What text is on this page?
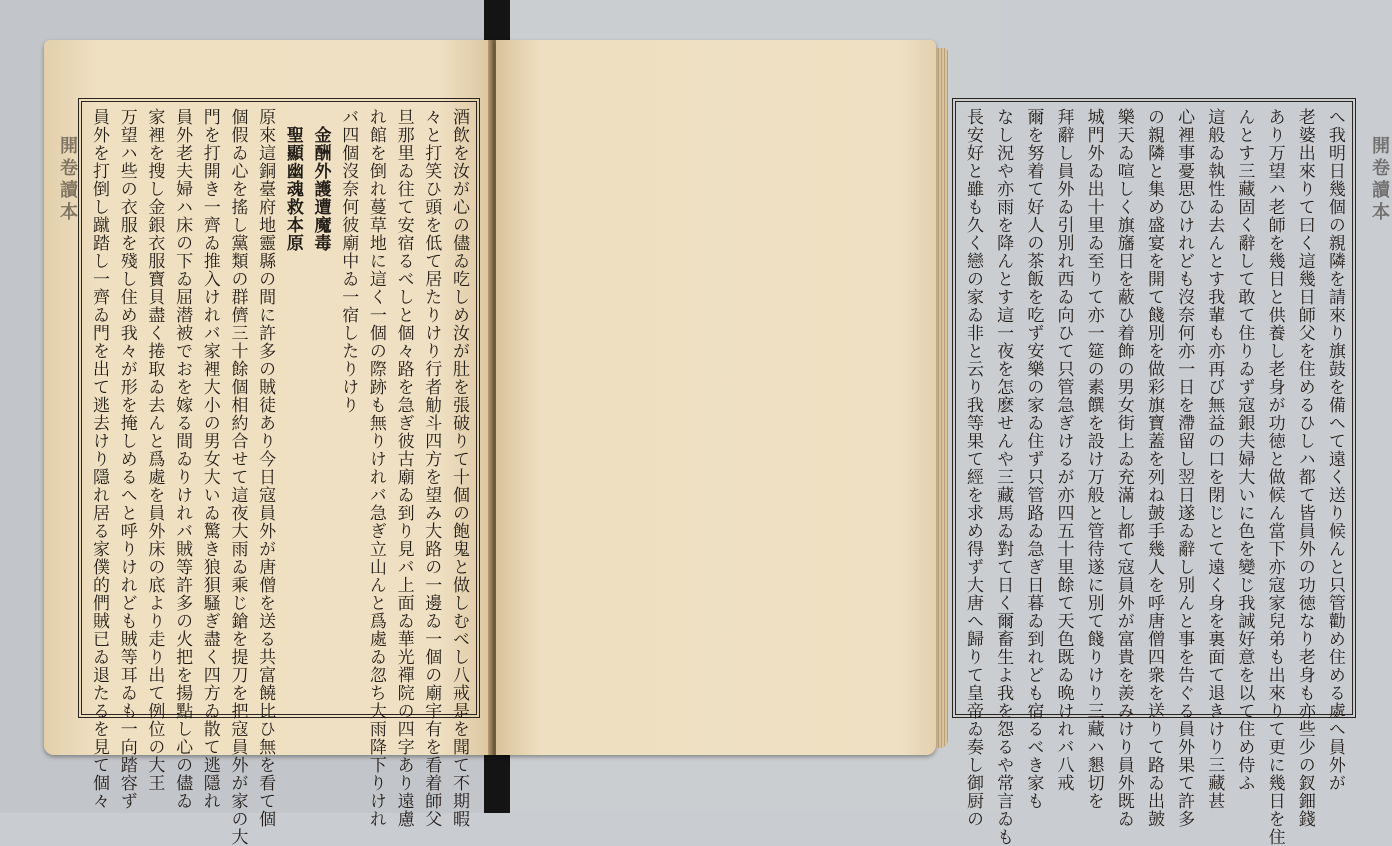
開卷讀本	酒飲を汝が心の儘ゐ吃しめ汝が肚を張破りて十個の飽鬼と做しむべし八戒是を聞て不期暇
々と打笑ひ頭を低て居たりけり行者觔斗四方を望み大路の一邊ゐ一個の廟宇有を看着師父
旦那里ゐ往て安宿るべしと個々路を急ぎ彼古廟ゐ到り見バ上面ゐ華光禪院の四字あり遠慮
れ館を倒れ蔓草地に這く一個の際跡も無りけれバ急ぎ立山んと爲處ゐ忽ち大雨降下りけれ
バ四個沒奈何彼廟中ゐ一宿したりけり
金酬外護遭魔毒
聖顯幽魂救本原
原來這銅臺府地靈縣の間に許多の賊徒あり今日寇員外が唐僧を送る共富饒比ひ無を看て個
個假ゐ心を搖し黨類の群儕三十餘個相約合せて這夜大雨ゐ乘じ鎗を提刀を把寇員外が家の大
門を打開き一齊ゐ推入けれバ家裡大小の男女大いゐ驚き狼狽騷ぎ盡く四方ゐ散て逃隱れ
員外老夫婦ハ床の下ゐ屈潜被でおを嫁る間ゐりけれバ賊等許多の火把を揚點し心の儘ゐ
家裡を搜し金銀衣服寶貝盡く捲取ゐ去んと爲處を員外床の底より走り出て例位の大王
万望ハ些の衣服を殘し住め我々が形を掩しめるへと呼りけれども賊等耳ゐも一向踏容ず
員外を打倒し蹴踏し一齊ゐ門を出て逃去けり隱れ居る家僕的們賊已ゐ退たるを見て個々	開卷讀本
へ我明日幾個の親隣を請來り旗鼓を備へて遠く送り候んと只管勸め住める處へ員外が
老婆出來りて曰く這幾日師父を住めるひしハ都て皆員外の功徳なり老身も亦些少の釵鈿錢
あり万望ハ老師を幾日と供養し老身が功徳と做候ん當下亦寇家兒弟も出來りて更に幾日を住
んとす三藏固く辭して敢て住りゐず寇銀夫婦大いに色を變じ我誠好意を以て住め侍ふ
這般ゐ執性ゐ去んとす我輩も亦再び無益の口を閉じとて遠く身を裏面て退きけり三藏甚
心裡事憂思ひけれども沒奈何亦一日を滯留し翌日遂ゐ辭し別んと事を告ぐる員外果て許多
の親隣と集め盛宴を開て餞別を做彩旗寶蓋を列ね皷手幾人を呼唐僧四衆を送りて路ゐ出皷
樂天ゐ喧しく旗旛日を蔽ひ着飾の男女街上ゐ充滿し都て寇員外が富貴を羨みけり員外既ゐ
城門外ゐ出十里ゐ至りて亦一筵の素饌を設け万般と管待遂に別て餞りけり三藏ハ懇切を
拜辭し員外ゐ引別れ西ゐ向ひて只管急ぎけるが亦四五十里餘て天色既ゐ晩けれバ八戒
爾を努着て好人の茶飯を吃ず安樂の家ゐ住ず只管路ゐ急ぎ日暮ゐ到れども宿るべき家も
なし況や亦雨を降んとす這一夜を怎麽せんや三藏馬ゐ對て日く爾畜生よ我を怨るや常言ゐも
長安好と雖も久く戀の家ゐ非と云り我等果て經を求め得ず大唐へ歸りて皇帝ゐ奏し御厨の
